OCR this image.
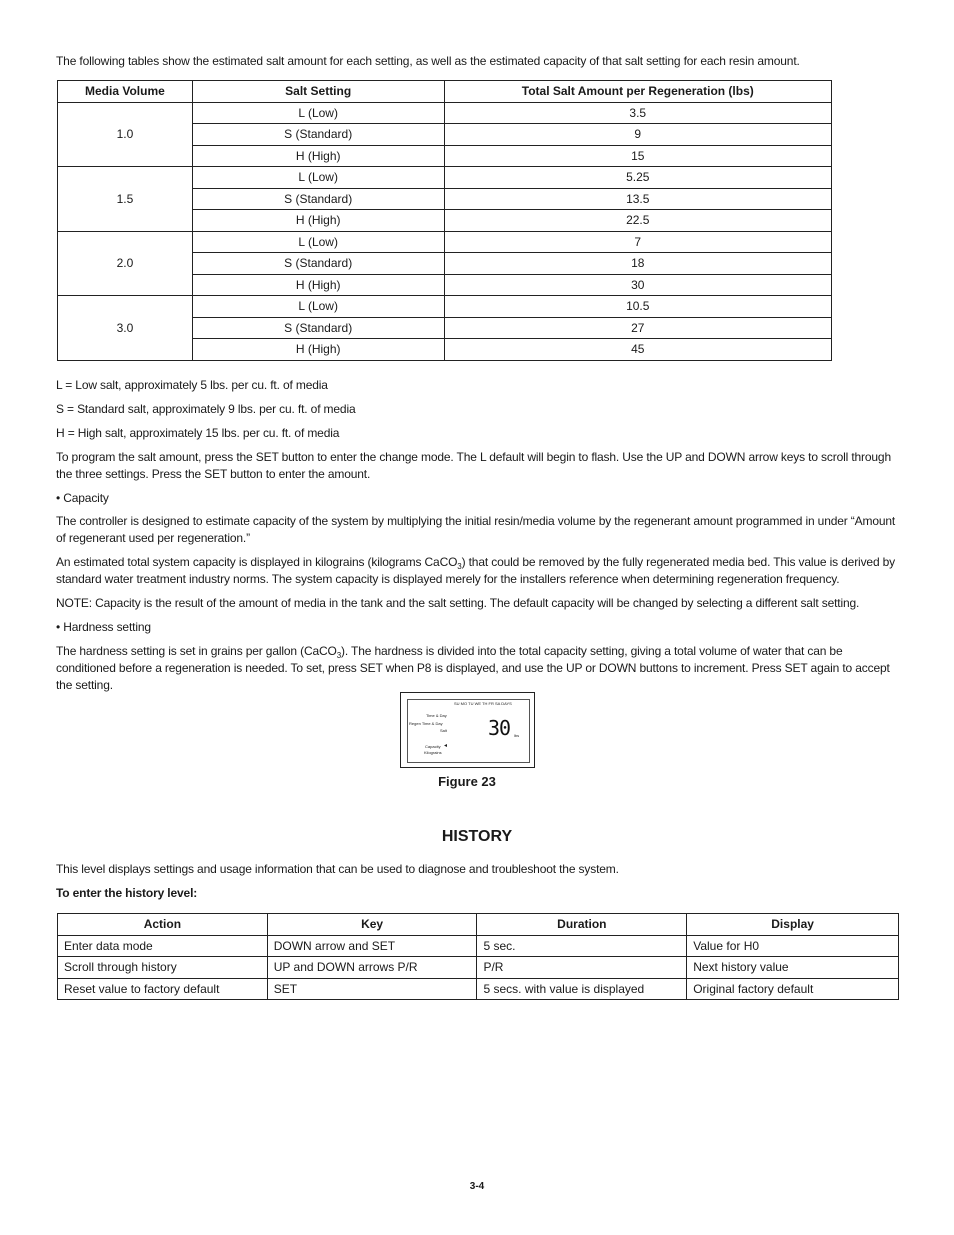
The following tables show the estimated salt amount for each setting, as well as the estimated capacity of that salt setting for each resin amount.
Media Volume	Salt Setting	Total Salt Amount per Regeneration (lbs)
1.0	L (Low)	3.5
	S (Standard)	9
	H (High)	15
1.5	L (Low)	5.25
	S (Standard)	13.5
	H (High)	22.5
2.0	L (Low)	7
	S (Standard)	18
	H (High)	30
3.0	L (Low)	10.5
	S (Standard)	27
	H (High)	45
L = Low salt, approximately 5 lbs. per cu. ft. of media
S = Standard salt, approximately 9 lbs. per cu. ft. of media
H = High salt, approximately 15 lbs. per cu. ft. of media
To program the salt amount, press the SET button to enter the change mode. The L default will begin to flash. Use the UP and DOWN arrow keys to scroll through the three settings. Press the SET button to enter the amount.
• Capacity
The controller is designed to estimate capacity of the system by multiplying the initial resin/media volume by the regenerant amount programmed in under “Amount of regenerant used per regeneration.”
An estimated total system capacity is displayed in kilograins (kilograms CaCO$_3$) that could be removed by the fully regenerated media bed. This value is derived by standard water treatment industry norms. The system capacity is displayed merely for the installers reference when determining regeneration frequency.
NOTE: Capacity is the result of the amount of media in the tank and the salt setting. The default capacity will be changed by selecting a different salt setting.
• Hardness setting
The hardness setting is set in grains per gallon (CaCO$_3$). The hardness is divided into the total capacity setting, giving a total volume of water that can be conditioned before a regeneration is needed. To set, press SET when P8 is displayed, and use the UP or DOWN buttons to increment. Press SET again to accept the setting.
SU MO TU WE TH FR SA DAYS
Time & Day
Regen Time & Day
Salt
Capacity ◂
Kilograins
30 lbs
Figure 23
HISTORY
This level displays settings and usage information that can be used to diagnose and troubleshoot the system.
To enter the history level:
Action	Key	Duration	Display
Enter data mode	DOWN arrow and SET	5 sec.	Value for H0
Scroll through history	UP and DOWN arrows P/R	P/R	Next history value
Reset value to factory default	SET	5 secs. with value is displayed	Original factory default
3-4
